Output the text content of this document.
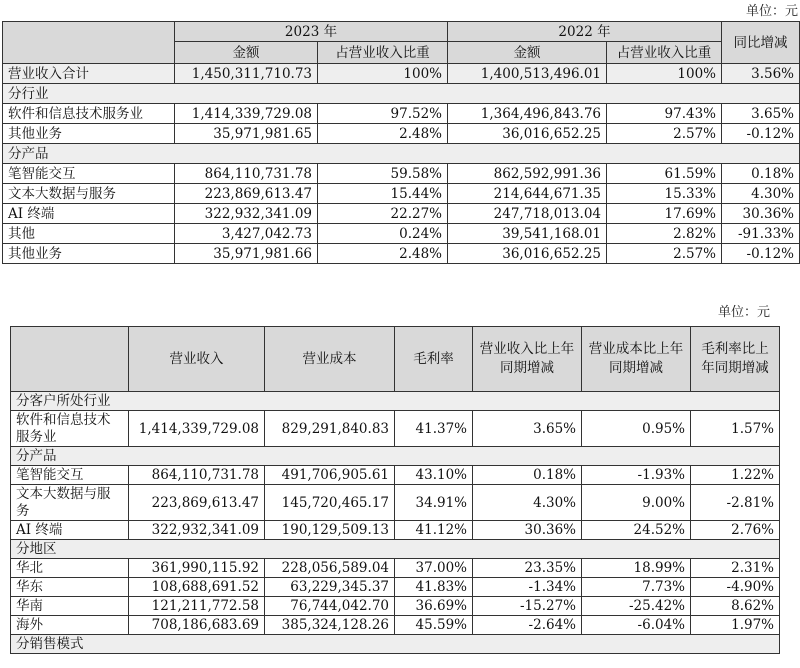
单位：元
	2023 年		2022 年		同比增减
	金额	占营业收入比重	金额	占营业收入比重	
营业收入合计	1,450,311,710.73	100%	1,400,513,496.01	100%	3.56%
分行业					
软件和信息技术服务业	1,414,339,729.08	97.52%	1,364,496,843.76	97.43%	3.65%
其他业务	35,971,981.65	2.48%	36,016,652.25	2.57%	-0.12%
分产品					
笔智能交互	864,110,731.78	59.58%	862,592,991.36	61.59%	0.18%
文本大数据与服务	223,869,613.47	15.44%	214,644,671.35	15.33%	4.30%
AI 终端	322,932,341.09	22.27%	247,718,013.04	17.69%	30.36%
其他	3,427,042.73	0.24%	39,541,168.01	2.82%	-91.33%
其他业务	35,971,981.66	2.48%	36,016,652.25	2.57%	-0.12%
单位：元
	营业收入	营业成本	毛利率	营业收入比上年同期增减	营业成本比上年同期增减	毛利率比上年同期增减
分客户所处行业						
软件和信息技术服务业	1,414,339,729.08	829,291,840.83	41.37%	3.65%	0.95%	1.57%
分产品						
笔智能交互	864,110,731.78	491,706,905.61	43.10%	0.18%	-1.93%	1.22%
文本大数据与服务	223,869,613.47	145,720,465.17	34.91%	4.30%	9.00%	-2.81%
AI 终端	322,932,341.09	190,129,509.13	41.12%	30.36%	24.52%	2.76%
分地区						
华北	361,990,115.92	228,056,589.04	37.00%	23.35%	18.99%	2.31%
华东	108,688,691.52	63,229,345.37	41.83%	-1.34%	7.73%	-4.90%
华南	121,211,772.58	76,744,042.70	36.69%	-15.27%	-25.42%	8.62%
海外	708,186,683.69	385,324,128.26	45.59%	-2.64%	-6.04%	1.97%
分销售模式						
